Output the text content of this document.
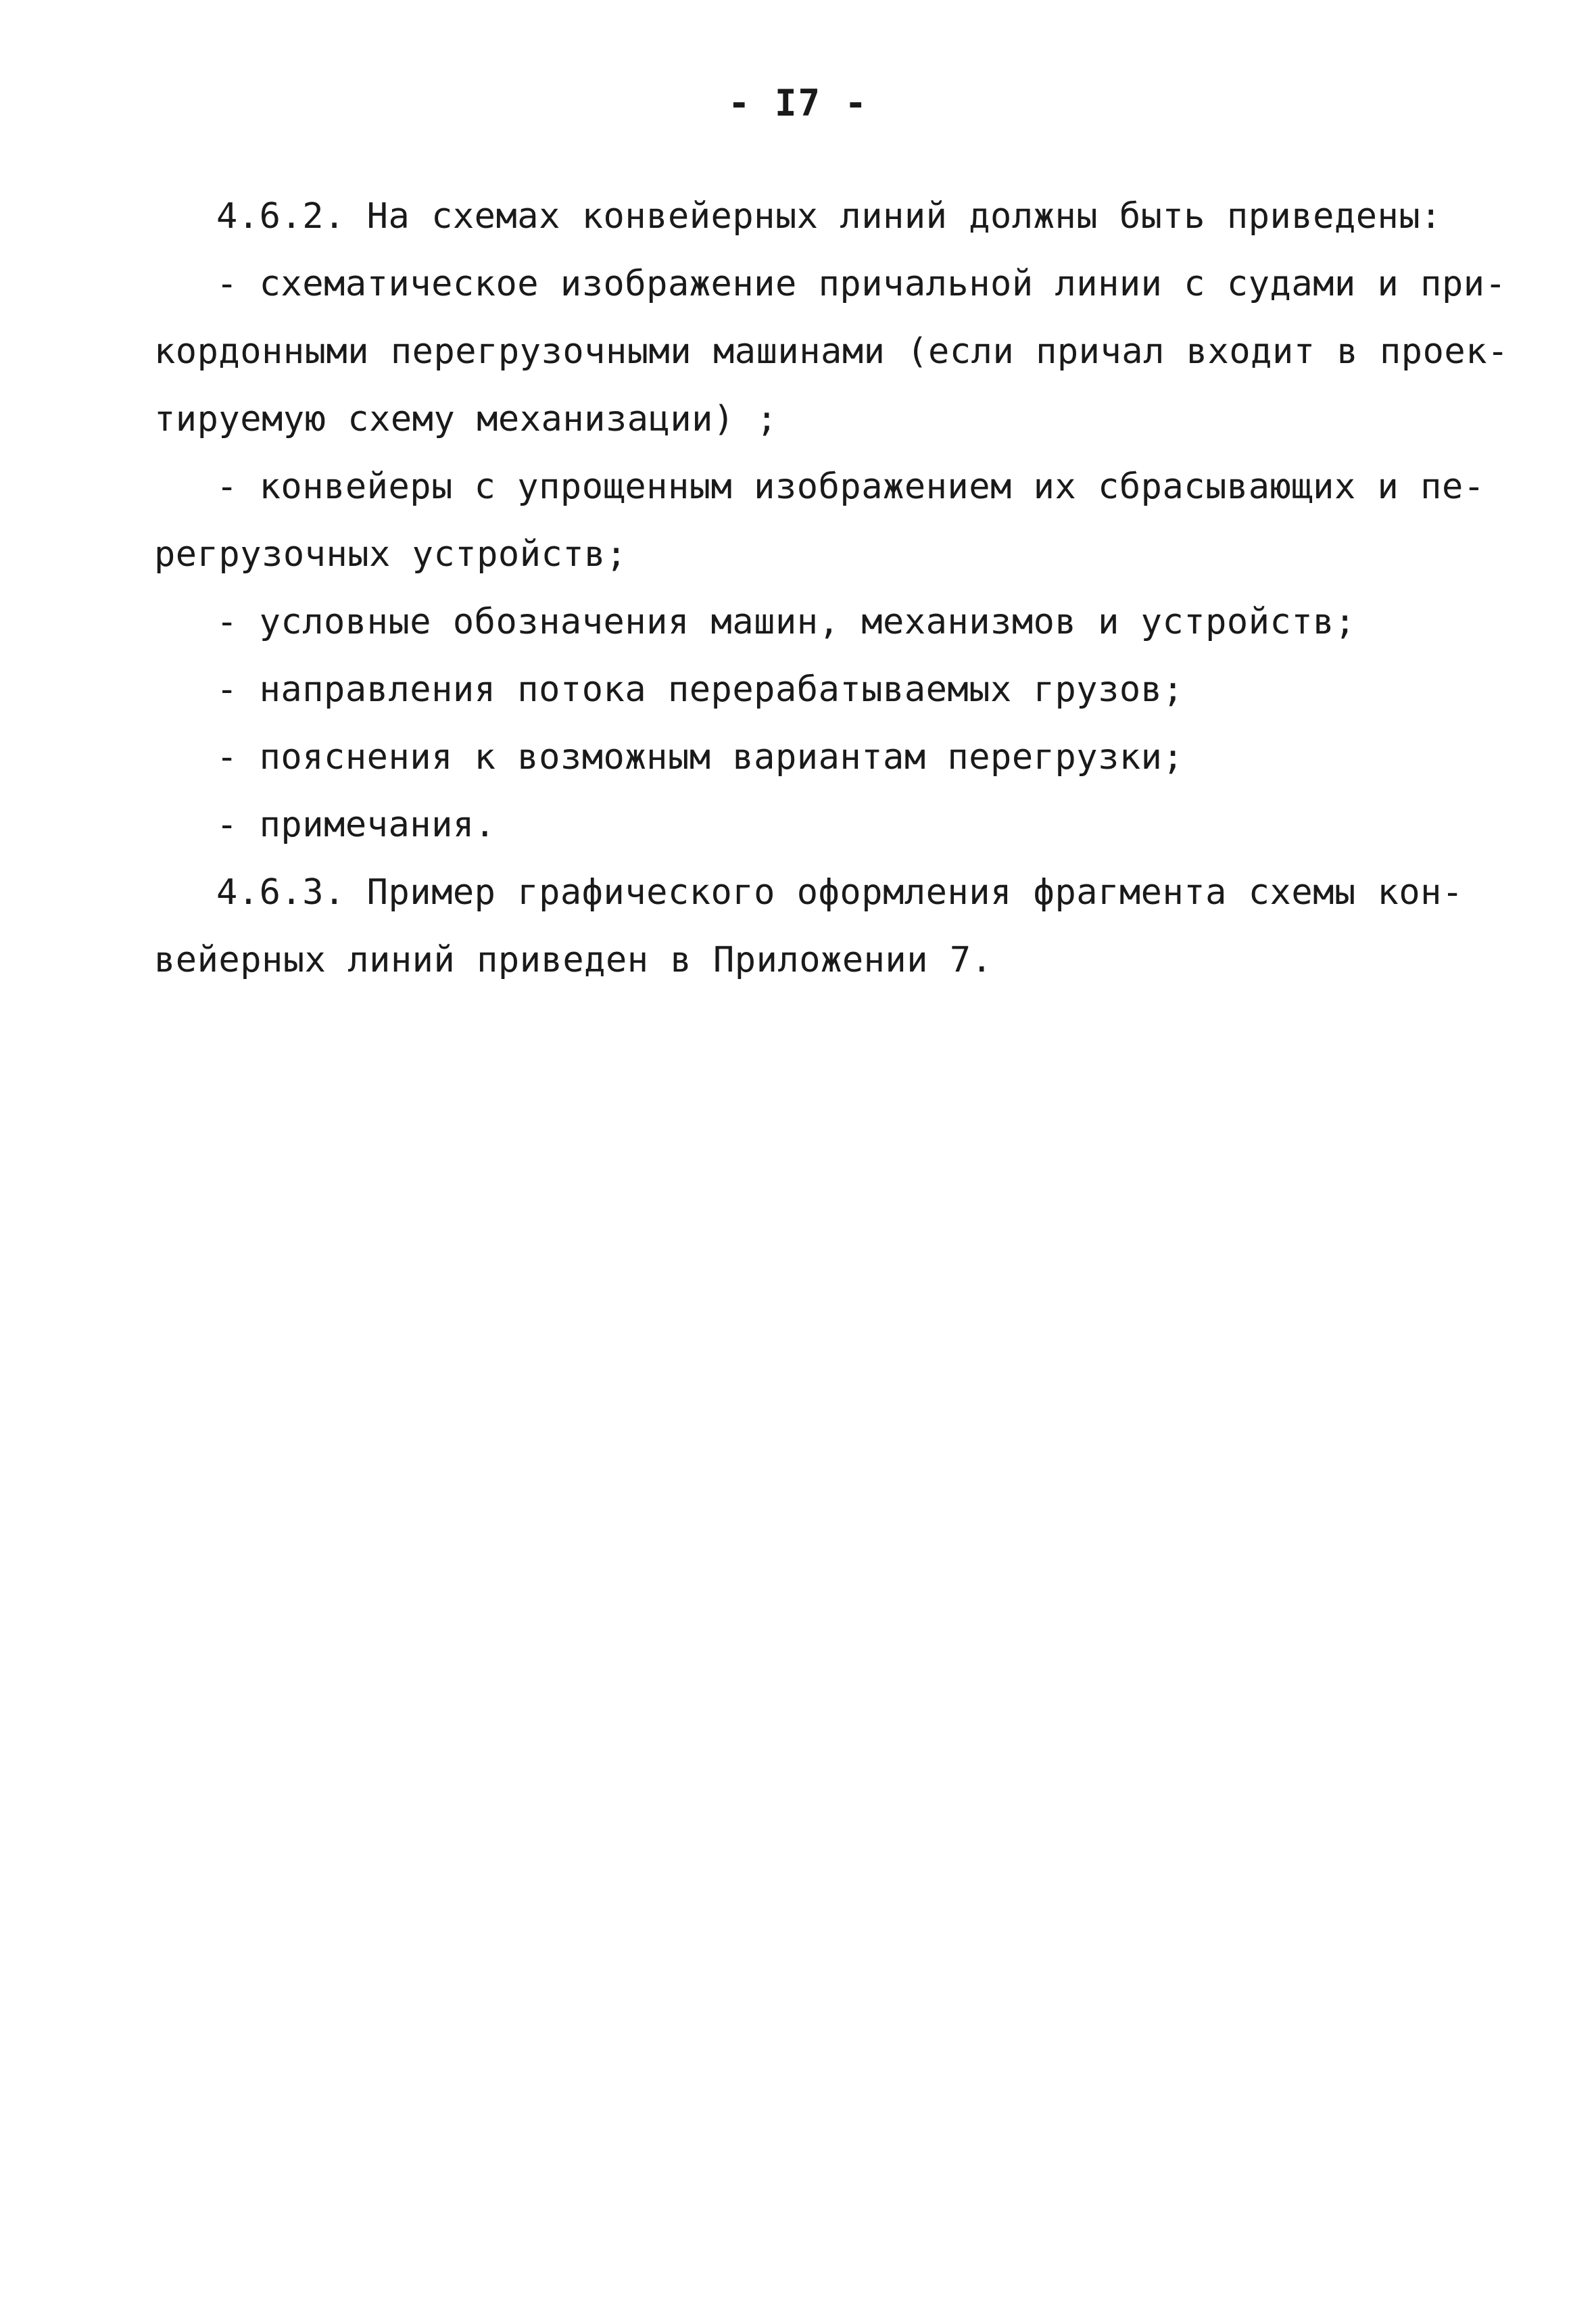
- I7 -
4.6.2. На схемах конвейерных линий должны быть приведены:
- схематическое изображение причальной линии с судами и при-
кордонными перегрузочными машинами (если причал входит в проек-
тируемую схему механизации) ;
- конвейеры с упрощенным изображением их сбрасывающих и пе-
регрузочных устройств;
- условные обозначения машин, механизмов и устройств;
- направления потока перерабатываемых грузов;
- пояснения к возможным вариантам перегрузки;
- примечания.
4.6.3. Пример графического оформления фрагмента схемы кон-
вейерных линий приведен в Приложении 7.
